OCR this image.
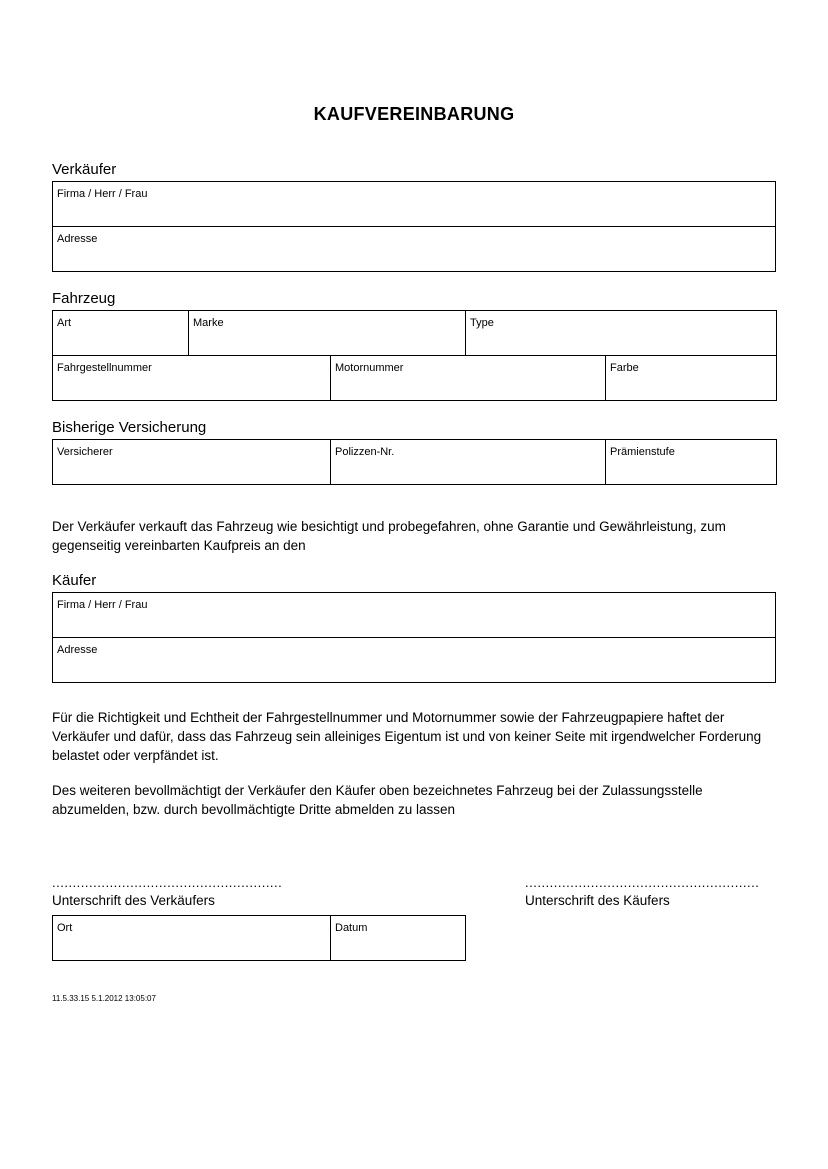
KAUFVEREINBARUNG
Verkäufer
Firma / Herr / Frau
Adresse
Fahrzeug
Art	Marke	Type
Fahrgestellnummer	Motornummer	Farbe
Bisherige Versicherung
Versicherer	Polizzen-Nr.	Prämienstufe

Der Verkäufer verkauft das Fahrzeug wie besichtigt und probegefahren, ohne Garantie und Gewährleistung, zum gegenseitig vereinbarten Kaufpreis an den

Käufer
Firma / Herr / Frau
Adresse

Für die Richtigkeit und Echtheit der Fahrgestellnummer und Motornummer sowie der Fahrzeugpapiere haftet der Verkäufer und dafür, dass das Fahrzeug sein alleiniges Eigentum ist und von keiner Seite mit irgendwelcher Forderung belastet oder verpfändet ist.

Des weiteren bevollmächtigt der Verkäufer den Käufer oben bezeichnetes Fahrzeug bei der Zulassungsstelle abzumelden, bzw. durch bevollmächtigte Dritte abmelden zu lassen

........................................................
Unterschrift des Verkäufers
.........................................................
Unterschrift des Käufers
Ort	Datum
11.5.33.15 5.1.2012 13:05:07
